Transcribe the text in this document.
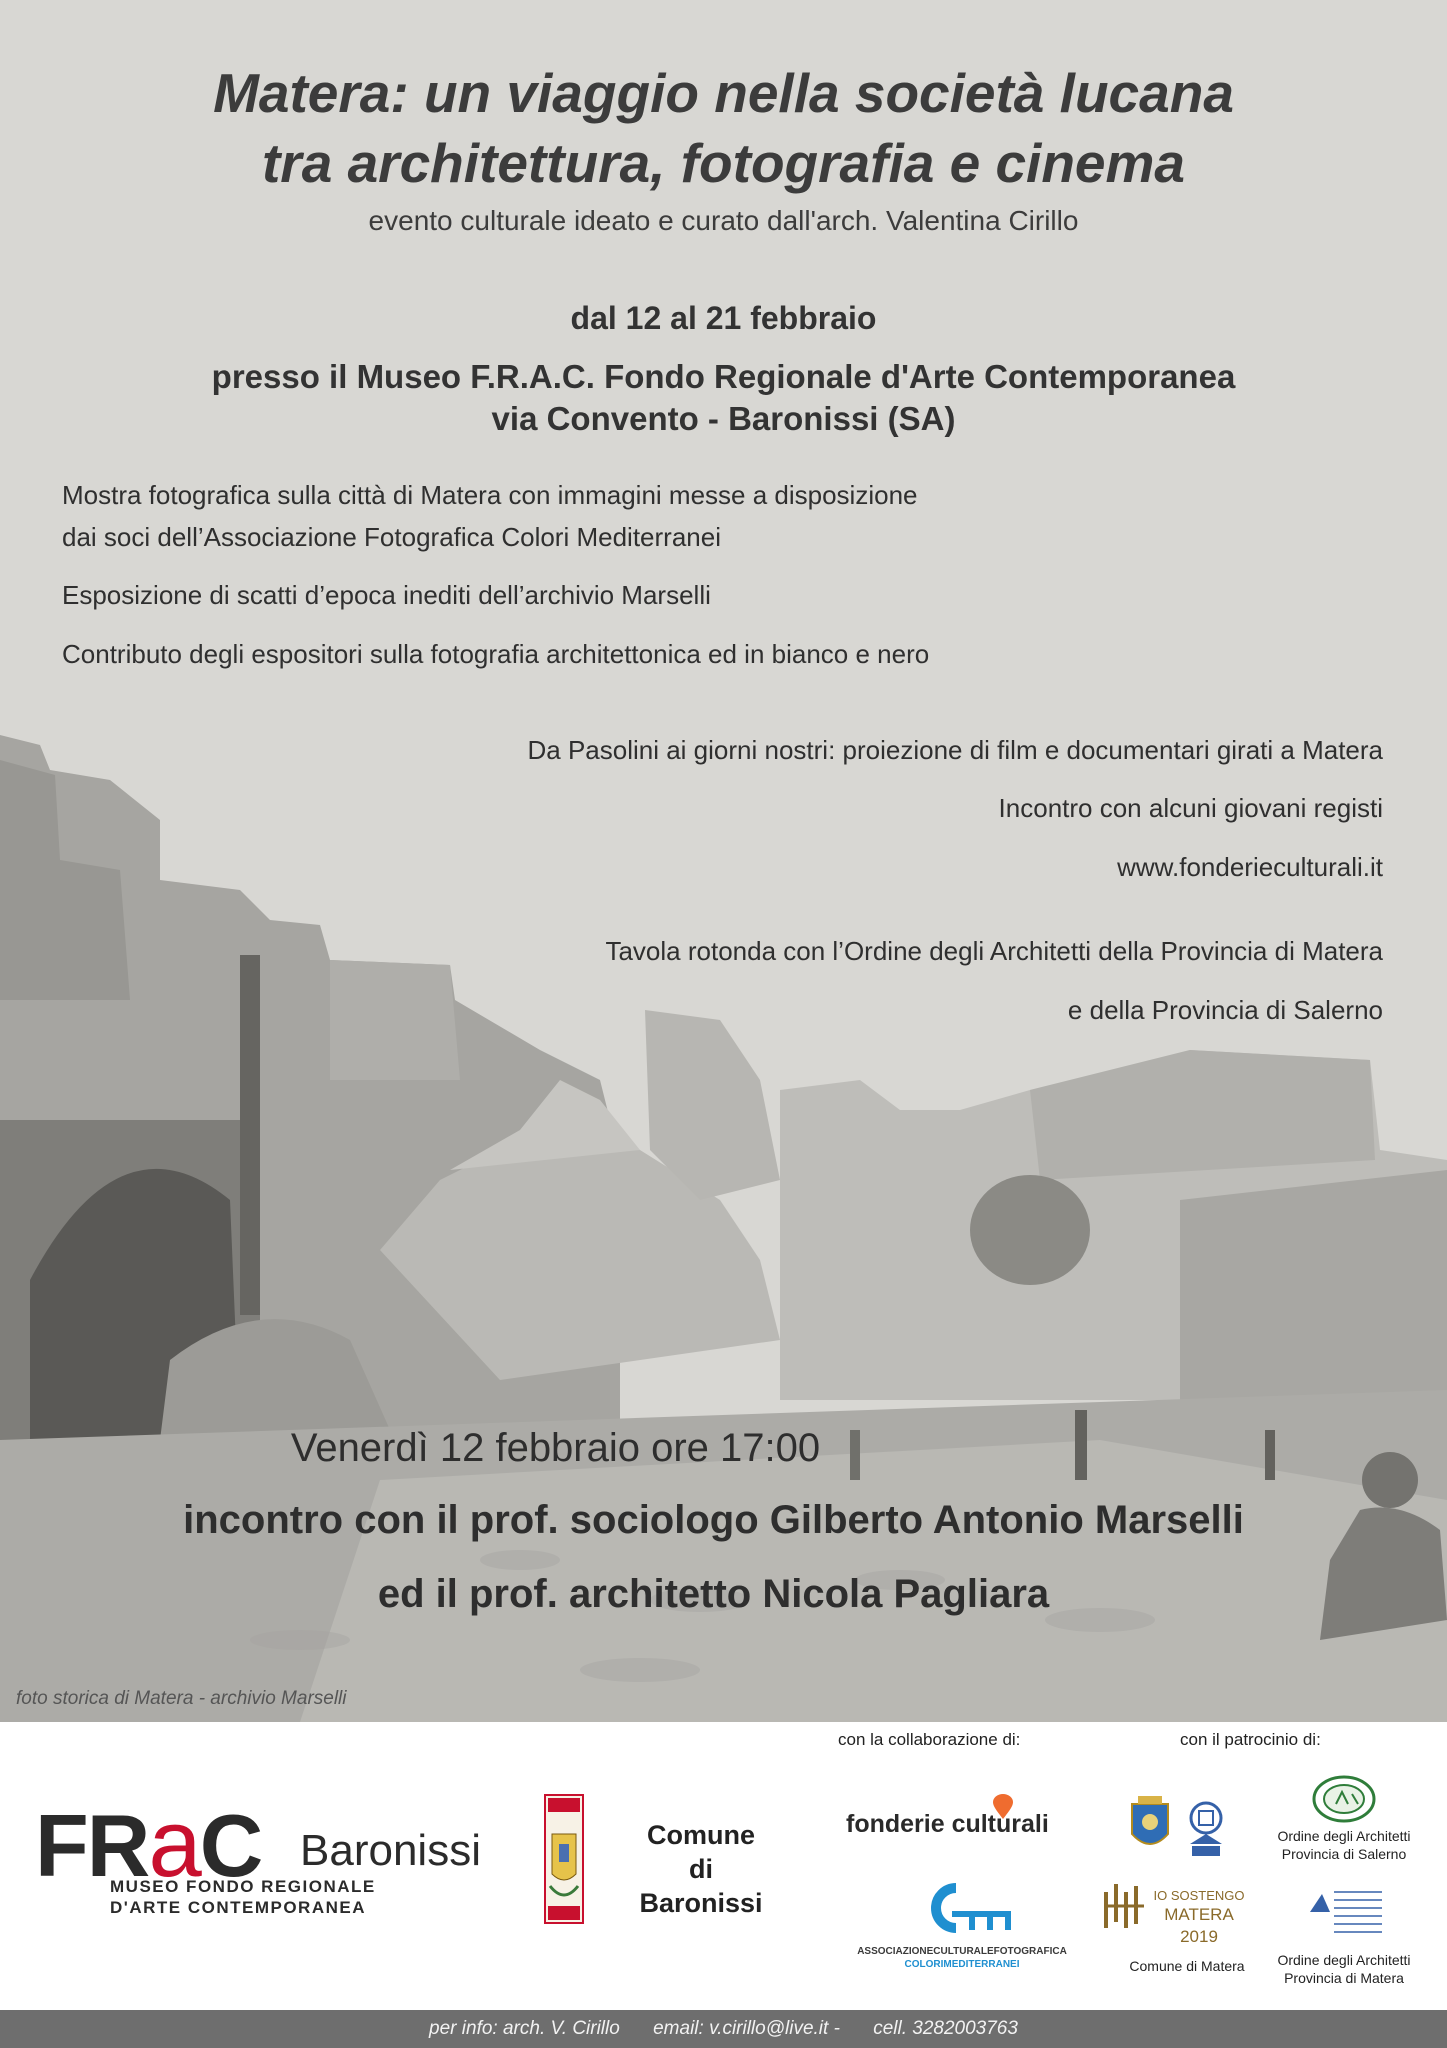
Matera: un viaggio nella società lucana
tra architettura, fotografia e cinema
evento culturale ideato e curato dall'arch. Valentina Cirillo
dal 12 al 21 febbraio
presso il Museo F.R.A.C. Fondo Regionale d'Arte Contemporanea
via Convento - Baronissi (SA)
Mostra fotografica sulla città di Matera con immagini messe a disposizione
dai soci dell’Associazione Fotografica Colori Mediterranei
Esposizione di scatti d’epoca inediti dell’archivio Marselli
Contributo degli espositori sulla fotografia architettonica ed in bianco e nero
Da Pasolini ai giorni nostri: proiezione di film e documentari girati a Matera
Incontro con alcuni giovani registi
www.fonderieculturali.it
Tavola rotonda con l’Ordine degli Architetti della Provincia di Matera
e della Provincia di Salerno
Venerdì 12 febbraio ore 17:00
incontro con il prof. sociologo Gilberto Antonio Marselli
ed il prof. architetto Nicola Pagliara
foto storica di Matera - archivio Marselli
con la collaborazione di:	con il patrocinio di:
FRaC Baronissi
MUSEO FONDO REGIONALE
D'ARTE CONTEMPORANEA
Comune
di
Baronissi
fonderie culturali
ASSOCIAZIONECULTURALEFOTOGRAFICA
COLORIMEDITERRANEI
IO SOSTENGO
MATERA 2019
Comune di Matera
Ordine degli Architetti
Provincia di Salerno
Ordine degli Architetti
Provincia di Matera
per info: arch. V. Cirillo email: v.cirillo@live.it - cell. 3282003763
